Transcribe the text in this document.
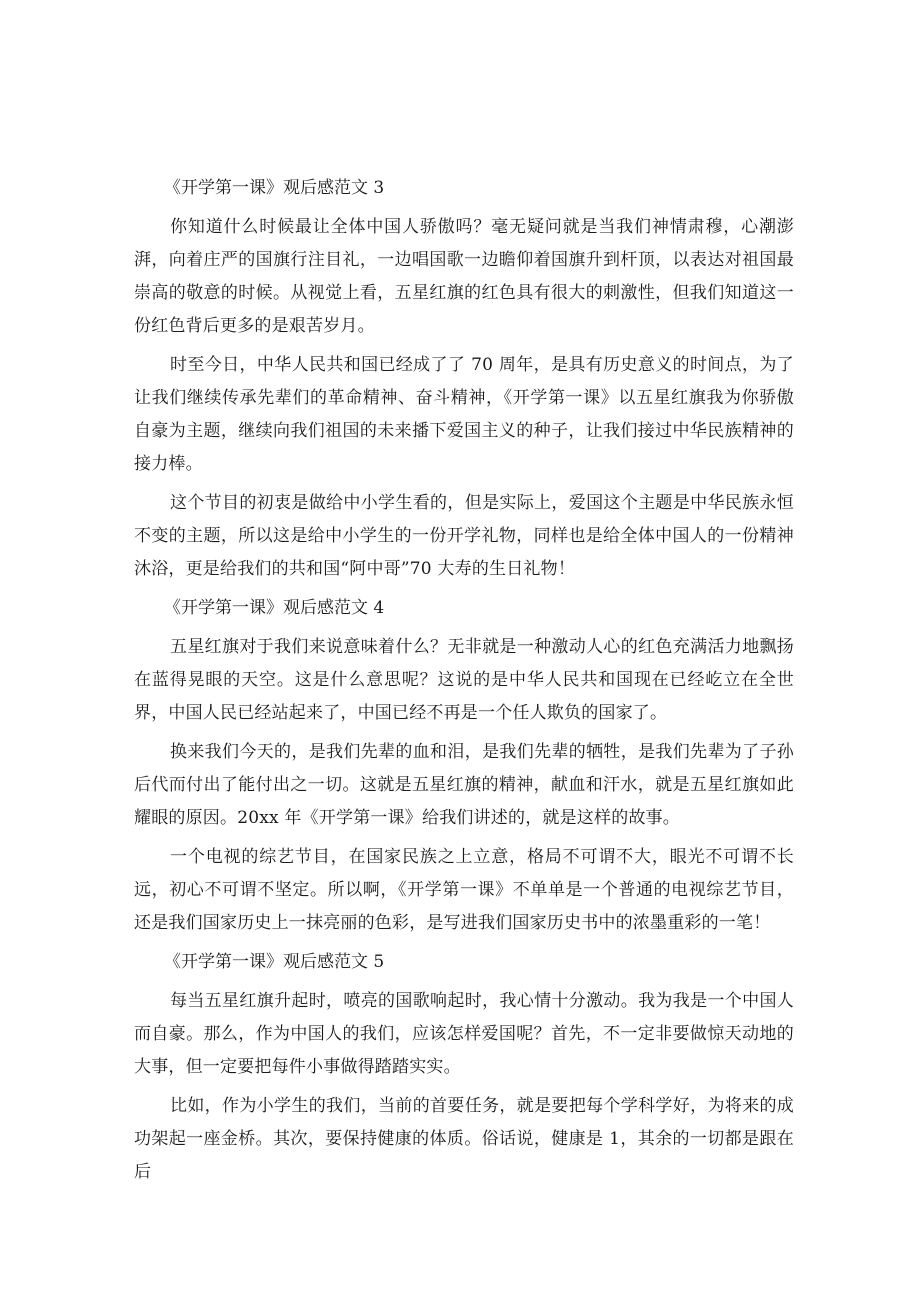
《开学第一课》观后感范文 3

你知道什么时候最让全体中国人骄傲吗？毫无疑问就是当我们神情肃穆，心潮澎湃，向着庄严的国旗行注目礼，一边唱国歌一边瞻仰着国旗升到杆顶，以表达对祖国最崇高的敬意的时候。从视觉上看，五星红旗的红色具有很大的刺激性，但我们知道这一份红色背后更多的是艰苦岁月。

时至今日，中华人民共和国已经成了了 70 周年，是具有历史意义的时间点，为了让我们继续传承先辈们的革命精神、奋斗精神，《开学第一课》以五星红旗我为你骄傲自豪为主题，继续向我们祖国的未来播下爱国主义的种子，让我们接过中华民族精神的接力棒。

这个节目的初衷是做给中小学生看的，但是实际上，爱国这个主题是中华民族永恒不变的主题，所以这是给中小学生的一份开学礼物，同样也是给全体中国人的一份精神沐浴，更是给我们的共和国“阿中哥”70 大寿的生日礼物！

《开学第一课》观后感范文 4

五星红旗对于我们来说意味着什么？无非就是一种激动人心的红色充满活力地飘扬在蓝得晃眼的天空。这是什么意思呢？这说的是中华人民共和国现在已经屹立在全世界，中国人民已经站起来了，中国已经不再是一个任人欺负的国家了。

换来我们今天的，是我们先辈的血和泪，是我们先辈的牺牲，是我们先辈为了子孙后代而付出了能付出之一切。这就是五星红旗的精神，献血和汗水，就是五星红旗如此耀眼的原因。20xx 年《开学第一课》给我们讲述的，就是这样的故事。

一个电视的综艺节目，在国家民族之上立意，格局不可谓不大，眼光不可谓不长远，初心不可谓不坚定。所以啊，《开学第一课》不单单是一个普通的电视综艺节目，还是我们国家历史上一抹亮丽的色彩，是写进我们国家历史书中的浓墨重彩的一笔！

《开学第一课》观后感范文 5

每当五星红旗升起时，喷亮的国歌响起时，我心情十分激动。我为我是一个中国人而自豪。那么，作为中国人的我们，应该怎样爱国呢？首先，不一定非要做惊天动地的大事，但一定要把每件小事做得踏踏实实。

比如，作为小学生的我们，当前的首要任务，就是要把每个学科学好，为将来的成功架起一座金桥。其次，要保持健康的体质。俗话说，健康是 1，其余的一切都是跟在后
